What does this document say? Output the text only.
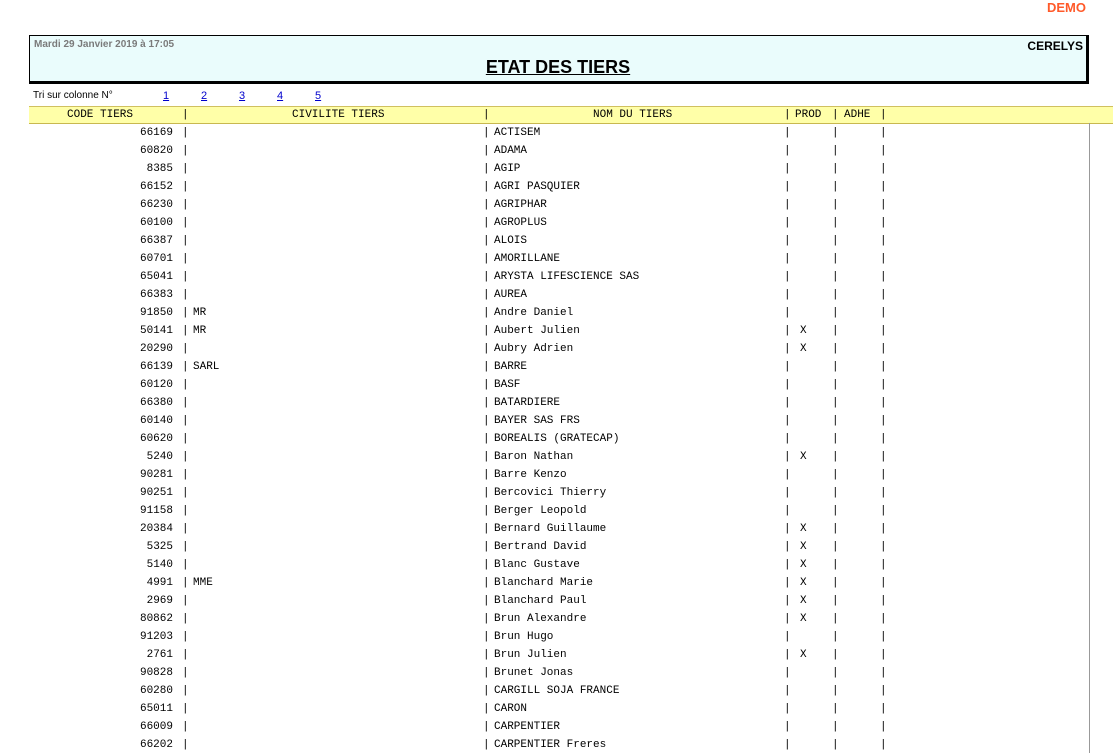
DEMO
Mardi 29 Janvier 2019 à 17:05	CERELYS
ETAT DES TIERS
Tri sur colonne N°	1	2	3	4	5
CODE TIERS	|	CIVILITE TIERS	|	NOM DU TIERS	| PROD | ADHE |
66169 |	| ACTISEM	|	|	|
60820 |	| ADAMA	|	|	|
8385 |	| AGIP	|	|	|
66152 |	| AGRI PASQUIER	|	|	|
66230 |	| AGRIPHAR	|	|	|
60100 |	| AGROPLUS	|	|	|
66387 |	| ALOIS	|	|	|
60701 |	| AMORILLANE	|	|	|
65041 |	| ARYSTA LIFESCIENCE SAS	|	|	|
66383 |	| AUREA	|	|	|
91850 | MR	| Andre Daniel	|	|	|
50141 | MR	| Aubert Julien	| X |	|
20290 |	| Aubry Adrien	| X |	|
66139 | SARL	| BARRE	|	|	|
60120 |	| BASF	|	|	|
66380 |	| BATARDIERE	|	|	|
60140 |	| BAYER SAS FRS	|	|	|
60620 |	| BOREALIS (GRATECAP)	|	|	|
5240 |	| Baron Nathan	| X |	|
90281 |	| Barre Kenzo	|	|	|
90251 |	| Bercovici Thierry	|	|	|
91158 |	| Berger Leopold	|	|	|
20384 |	| Bernard Guillaume	| X |	|
5325 |	| Bertrand David	| X |	|
5140 |	| Blanc Gustave	| X |	|
4991 | MME	| Blanchard Marie	| X |	|
2969 |	| Blanchard Paul	| X |	|
80862 |	| Brun Alexandre	| X |	|
91203 |	| Brun Hugo	|	|	|
2761 |	| Brun Julien	| X |	|
90828 |	| Brunet Jonas	|	|	|
60280 |	| CARGILL SOJA FRANCE	|	|	|
65011 |	| CARON	|	|	|
66009 |	| CARPENTIER	|	|	|
66202 |	| CARPENTIER Freres	|	|	|
